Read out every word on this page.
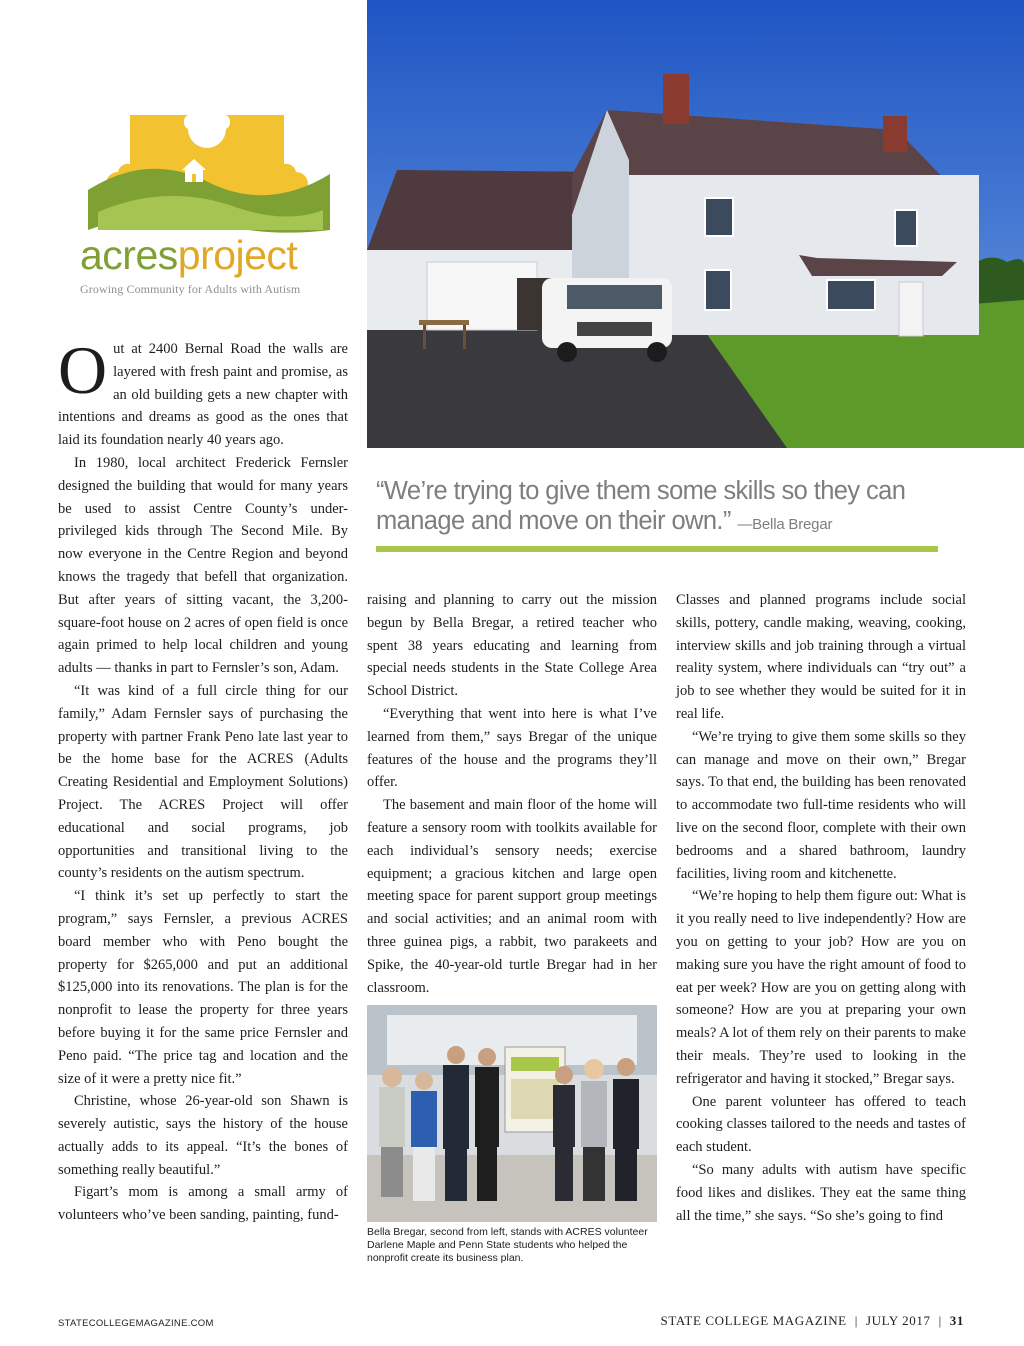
acresproject
Growing Community for Adults with Autism
“We’re trying to give them some skills so they can manage and move on their own.” —Bella Bregar

Out at 2400 Bernal Road the walls are layered with fresh paint and promise, as an old building gets a new chapter with intentions and dreams as good as the ones that laid its foundation nearly 40 years ago.

In 1980, local architect Frederick Fernsler designed the building that would for many years be used to assist Centre County’s under-privileged kids through The Second Mile. By now everyone in the Centre Region and beyond knows the tragedy that befell that organization. But after years of sitting vacant, the 3,200-square-foot house on 2 acres of open field is once again primed to help local children and young adults — thanks in part to Fernsler’s son, Adam.

“It was kind of a full circle thing for our family,” Adam Fernsler says of purchasing the property with partner Frank Peno late last year to be the home base for the ACRES (Adults Creating Residential and Employment Solutions) Project. The ACRES Project will offer educational and social programs, job opportunities and transitional living to the county’s residents on the autism spectrum.

“I think it’s set up perfectly to start the program,” says Fernsler, a previous ACRES board member who with Peno bought the property for $265,000 and put an additional $125,000 into its renovations. The plan is for the nonprofit to lease the property for three years before buying it for the same price Fernsler and Peno paid. “The price tag and location and the size of it were a pretty nice fit.”

Christine, whose 26-year-old son Shawn is severely autistic, says the history of the house actually adds to its appeal. “It’s the bones of something really beautiful.”

Figart’s mom is among a small army of volunteers who’ve been sanding, painting, fund-

raising and planning to carry out the mission begun by Bella Bregar, a retired teacher who spent 38 years educating and learning from special needs students in the State College Area School District.

“Everything that went into here is what I’ve learned from them,” says Bregar of the unique features of the house and the programs they’ll offer.

The basement and main floor of the home will feature a sensory room with toolkits available for each individual’s sensory needs; exercise equipment; a gracious kitchen and large open meeting space for parent support group meetings and social activities; and an animal room with three guinea pigs, a rabbit, two parakeets and Spike, the 40-year-old turtle Bregar had in her classroom.

Bella Bregar, second from left, stands with ACRES volunteer Darlene Maple and Penn State students who helped the nonprofit create its business plan.

Classes and planned programs include social skills, pottery, candle making, weaving, cooking, interview skills and job training through a virtual reality system, where individuals can “try out” a job to see whether they would be suited for it in real life.

“We’re trying to give them some skills so they can manage and move on their own,” Bregar says. To that end, the building has been renovated to accommodate two full-time residents who will live on the second floor, complete with their own bedrooms and a shared bathroom, laundry facilities, living room and kitchenette.

“We’re hoping to help them figure out: What is it you really need to live independently? How are you on getting to your job? How are you on making sure you have the right amount of food to eat per week? How are you on getting along with someone? How are you at preparing your own meals? A lot of them rely on their parents to make their meals. They’re used to looking in the refrigerator and having it stocked,” Bregar says.

One parent volunteer has offered to teach cooking classes tailored to the needs and tastes of each student.

“So many adults with autism have specific food likes and dislikes. They eat the same thing all the time,” she says. “So she’s going to find

STATECOLLEGEMAGAZINE.COM	STATE COLLEGE MAGAZINE | JULY 2017 | 31
